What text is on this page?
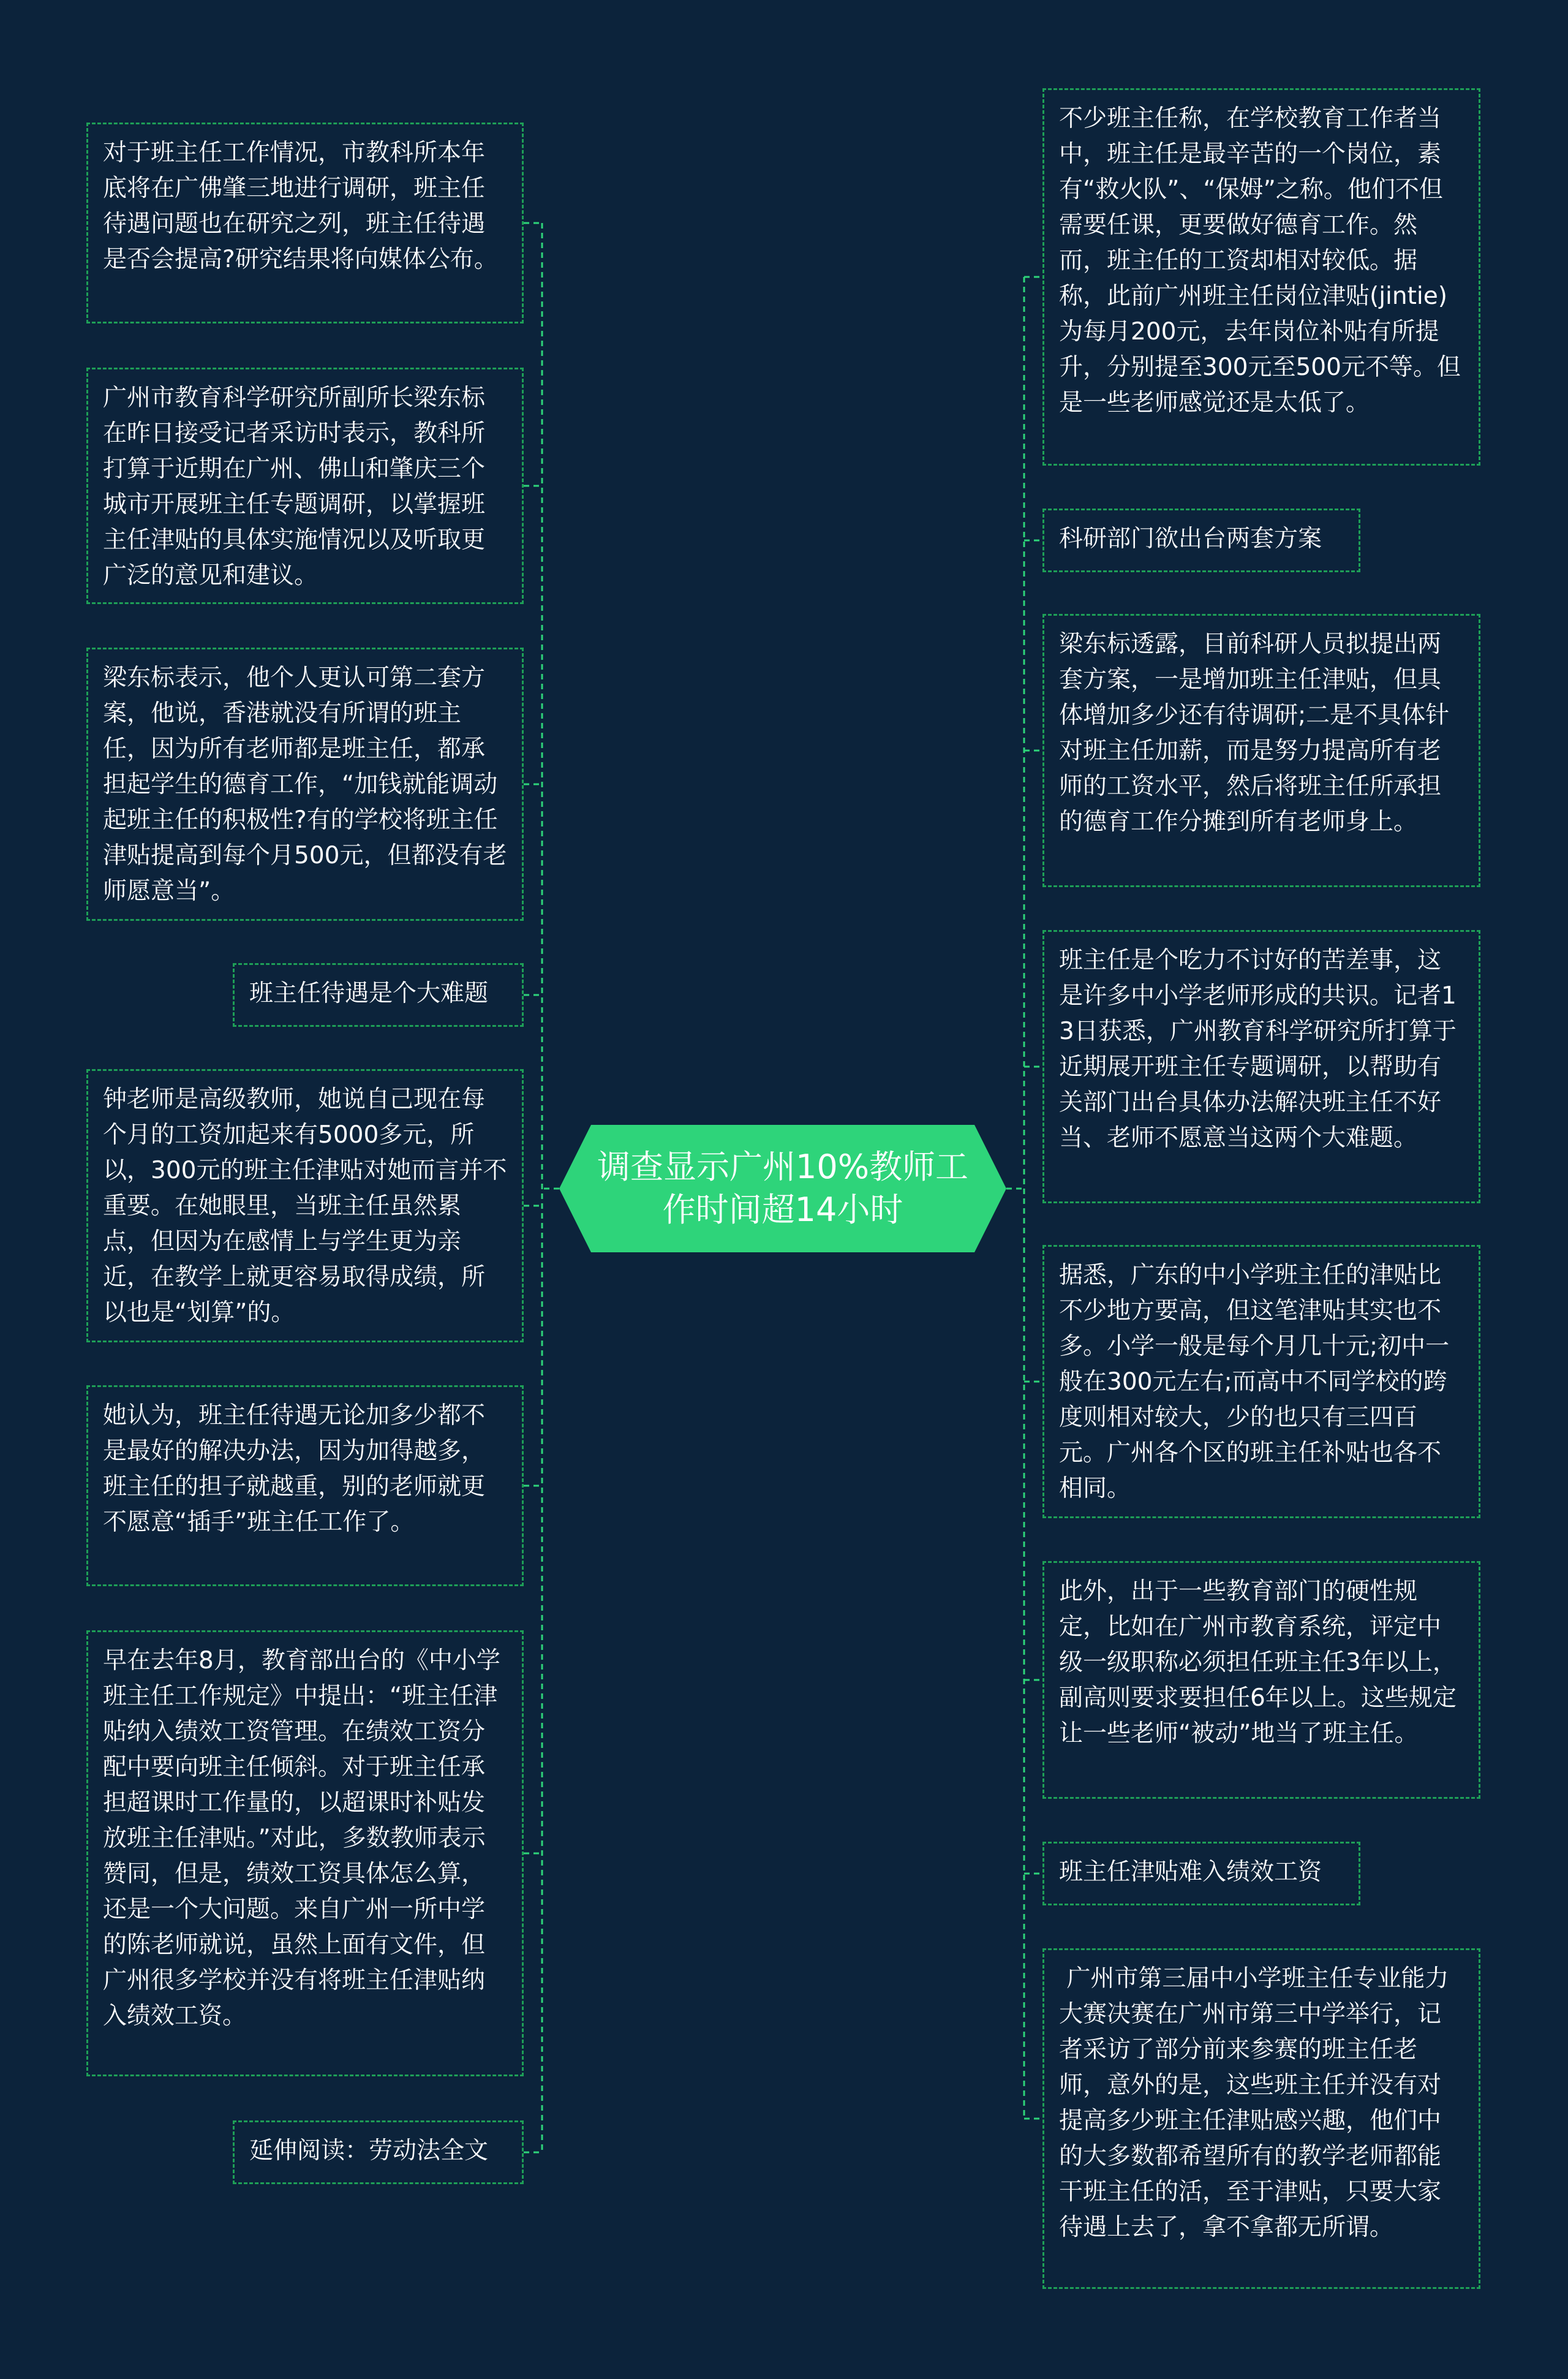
对于班主任工作情况，市教科所本年底将在广佛肇三地进行调研，班主任待遇问题也在研究之列，班主任待遇是否会提高?研究结果将向媒体公布。
广州市教育科学研究所副所长梁东标在昨日接受记者采访时表示，教科所打算于近期在广州、佛山和肇庆三个城市开展班主任专题调研，以掌握班主任津贴的具体实施情况以及听取更广泛的意见和建议。
梁东标表示，他个人更认可第二套方案，他说，香港就没有所谓的班主任，因为所有老师都是班主任，都承担起学生的德育工作，“加钱就能调动起班主任的积极性?有的学校将班主任津贴提高到每个月500元，但都没有老师愿意当”。
班主任待遇是个大难题
钟老师是高级教师，她说自己现在每个月的工资加起来有5000多元，所以，300元的班主任津贴对她而言并不重要。在她眼里，当班主任虽然累点，但因为在感情上与学生更为亲近，在教学上就更容易取得成绩，所以也是“划算”的。
她认为，班主任待遇无论加多少都不是最好的解决办法，因为加得越多，班主任的担子就越重，别的老师就更不愿意“插手”班主任工作了。
早在去年8月，教育部出台的《中小学班主任工作规定》中提出：“班主任津贴纳入绩效工资管理。在绩效工资分配中要向班主任倾斜。对于班主任承担超课时工作量的，以超课时补贴发放班主任津贴。”对此，多数教师表示赞同，但是，绩效工资具体怎么算，还是一个大问题。来自广州一所中学的陈老师就说，虽然上面有文件，但广州很多学校并没有将班主任津贴纳入绩效工资。
延伸阅读：劳动法全文
调查显示广州10%教师工作时间超14小时
不少班主任称，在学校教育工作者当中，班主任是最辛苦的一个岗位，素有“救火队”、“保姆”之称。他们不但需要任课，更要做好德育工作。然而，班主任的工资却相对较低。据称，此前广州班主任岗位津贴(jintie)为每月200元，去年岗位补贴有所提升，分别提至300元至500元不等。但是一些老师感觉还是太低了。
科研部门欲出台两套方案
梁东标透露，目前科研人员拟提出两套方案，一是增加班主任津贴，但具体增加多少还有待调研;二是不具体针对班主任加薪，而是努力提高所有老师的工资水平，然后将班主任所承担的德育工作分摊到所有老师身上。
班主任是个吃力不讨好的苦差事，这是许多中小学老师形成的共识。记者13日获悉，广州教育科学研究所打算于近期展开班主任专题调研，以帮助有关部门出台具体办法解决班主任不好当、老师不愿意当这两个大难题。
据悉，广东的中小学班主任的津贴比不少地方要高，但这笔津贴其实也不多。小学一般是每个月几十元;初中一般在300元左右;而高中不同学校的跨度则相对较大，少的也只有三四百元。广州各个区的班主任补贴也各不相同。
此外，出于一些教育部门的硬性规定，比如在广州市教育系统，评定中级一级职称必须担任班主任3年以上，副高则要求要担任6年以上。这些规定让一些老师“被动”地当了班主任。
班主任津贴难入绩效工资
广州市第三届中小学班主任专业能力大赛决赛在广州市第三中学举行，记者采访了部分前来参赛的班主任老师，意外的是，这些班主任并没有对提高多少班主任津贴感兴趣，他们中的大多数都希望所有的教学老师都能干班主任的活，至于津贴，只要大家待遇上去了，拿不拿都无所谓。
